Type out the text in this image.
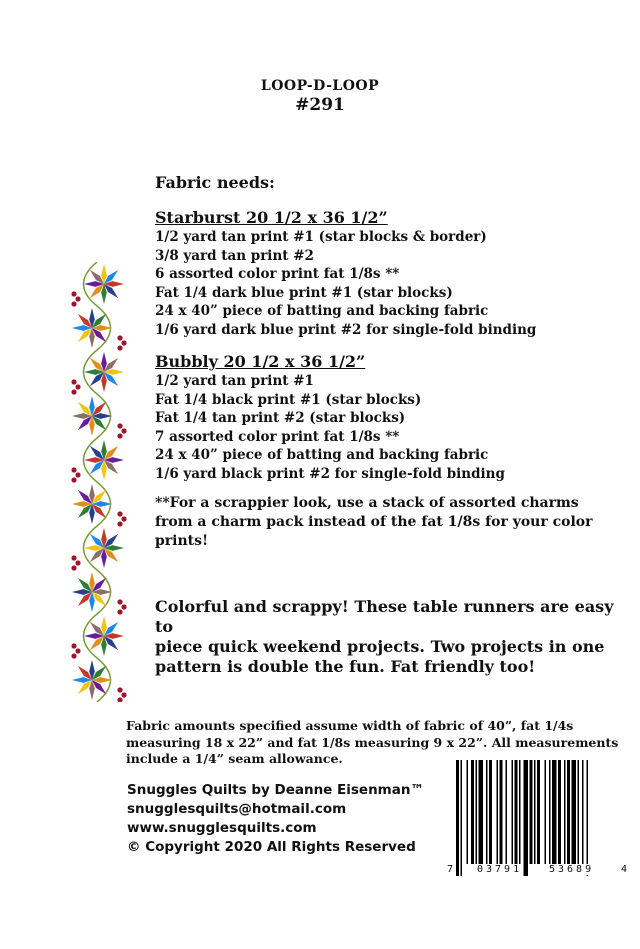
LOOP-D-LOOP
#291
Fabric needs:
Starburst 20 1/2 x 36 1/2”
1/2 yard tan print #1 (star blocks & border)
3/8 yard tan print #2
6 assorted color print fat 1/8s **
Fat 1/4 dark blue print #1 (star blocks)
24 x 40” piece of batting and backing fabric
1/6 yard dark blue print #2 for single-fold binding
Bubbly 20 1/2 x 36 1/2”
1/2 yard tan print #1
Fat 1/4 black print #1 (star blocks)
Fat 1/4 tan print #2 (star blocks)
7 assorted color print fat 1/8s **
24 x 40” piece of batting and backing fabric
1/6 yard black print #2 for single-fold binding
**For a scrappier look, use a stack of assorted charms
from a charm pack instead of the fat 1/8s for your color
prints!
Colorful and scrappy! These table runners are easy to
piece quick weekend projects. Two projects in one
pattern is double the fun. Fat friendly too!
Fabric amounts specified assume width of fabric of 40”, fat 1/4s
measuring 18 x 22” and fat 1/8s measuring 9 x 22”. All measurements
include a 1/4” seam allowance.
Snuggles Quilts by Deanne Eisenman™
snugglesquilts@hotmail.com
www.snugglesquilts.com
© Copyright 2020 All Rights Reserved
7 03791	53689	4
